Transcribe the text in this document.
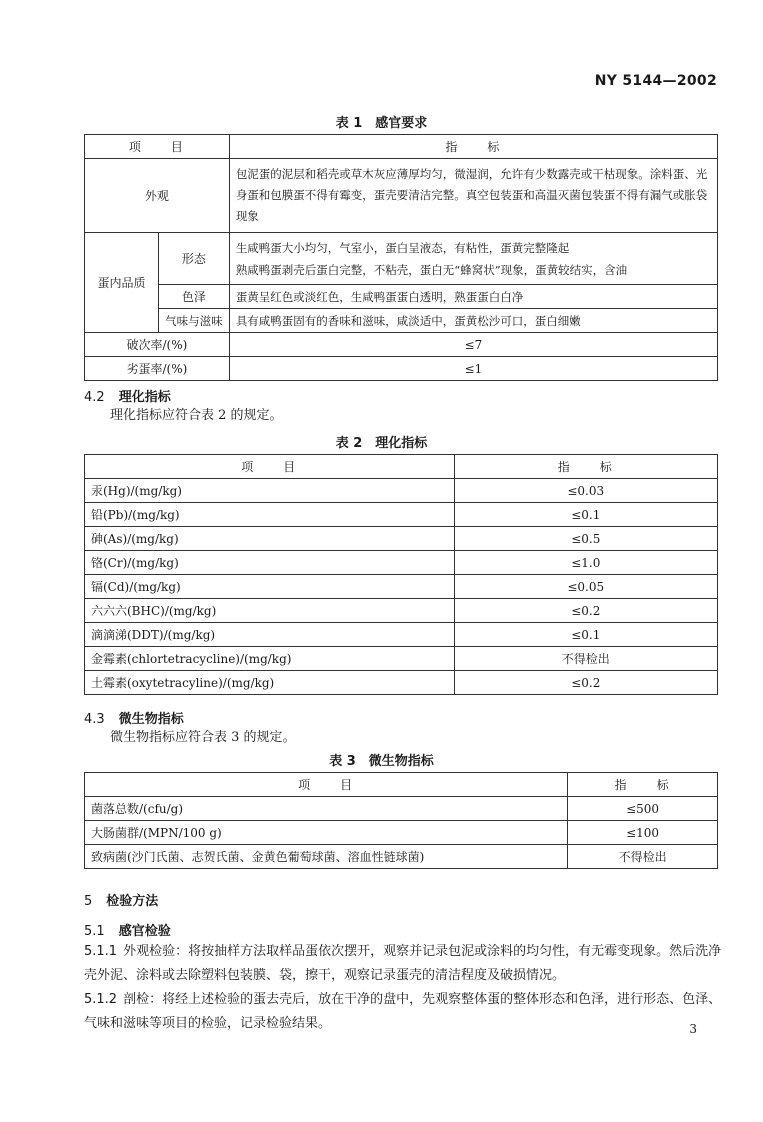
NY 5144—2002
表 1　感官要求
项　　目		指　　标
外观		包泥蛋的泥层和稻壳或草木灰应薄厚均匀，微湿润，允许有少数露壳或干枯现象。涂料蛋、光身蛋和包膜蛋不得有霉变，蛋壳要清洁完整。真空包装蛋和高温灭菌包装蛋不得有漏气或胀袋现象
蛋内品质	形态	生咸鸭蛋大小均匀，气室小，蛋白呈液态，有粘性，蛋黄完整隆起
熟咸鸭蛋剥壳后蛋白完整，不粘壳，蛋白无“蜂窝状”现象，蛋黄较结实，含油

	色泽	蛋黄呈红色或淡红色，生咸鸭蛋蛋白透明，熟蛋蛋白白净
	气味与滋味	具有咸鸭蛋固有的香味和滋味，咸淡适中，蛋黄松沙可口，蛋白细嫩
破次率/(%)		≤7
劣蛋率/(%)		≤1
4.2 理化指标
理化指标应符合表 2 的规定。
表 2　理化指标
项　　目	指　　标
汞(Hg)/(mg/kg)	≤0.03
铅(Pb)/(mg/kg)	≤0.1
砷(As)/(mg/kg)	≤0.5
铬(Cr)/(mg/kg)	≤1.0
镉(Cd)/(mg/kg)	≤0.05
六六六(BHC)/(mg/kg)	≤0.2
滴滴涕(DDT)/(mg/kg)	≤0.1
金霉素(chlortetracycline)/(mg/kg)	不得检出
土霉素(oxytetracyline)/(mg/kg)	≤0.2
4.3 微生物指标
微生物指标应符合表 3 的规定。
表 3　微生物指标
项　　目	指　　标
菌落总数/(cfu/g)	≤500
大肠菌群/(MPN/100 g)	≤100
致病菌(沙门氏菌、志贺氏菌、金黄色葡萄球菌、溶血性链球菌)	不得检出
5 检验方法
5.1 感官检验
5.1.1 外观检验：将按抽样方法取样品蛋依次摆开，观察并记录包泥或涂料的均匀性，有无霉变现象。然后洗净壳外泥、涂料或去除塑料包装膜、袋，擦干，观察记录蛋壳的清洁程度及破损情况。
5.1.2 剖检：将经上述检验的蛋去壳后，放在干净的盘中，先观察整体蛋的整体形态和色泽，进行形态、色泽、气味和滋味等项目的检验，记录检验结果。	3
